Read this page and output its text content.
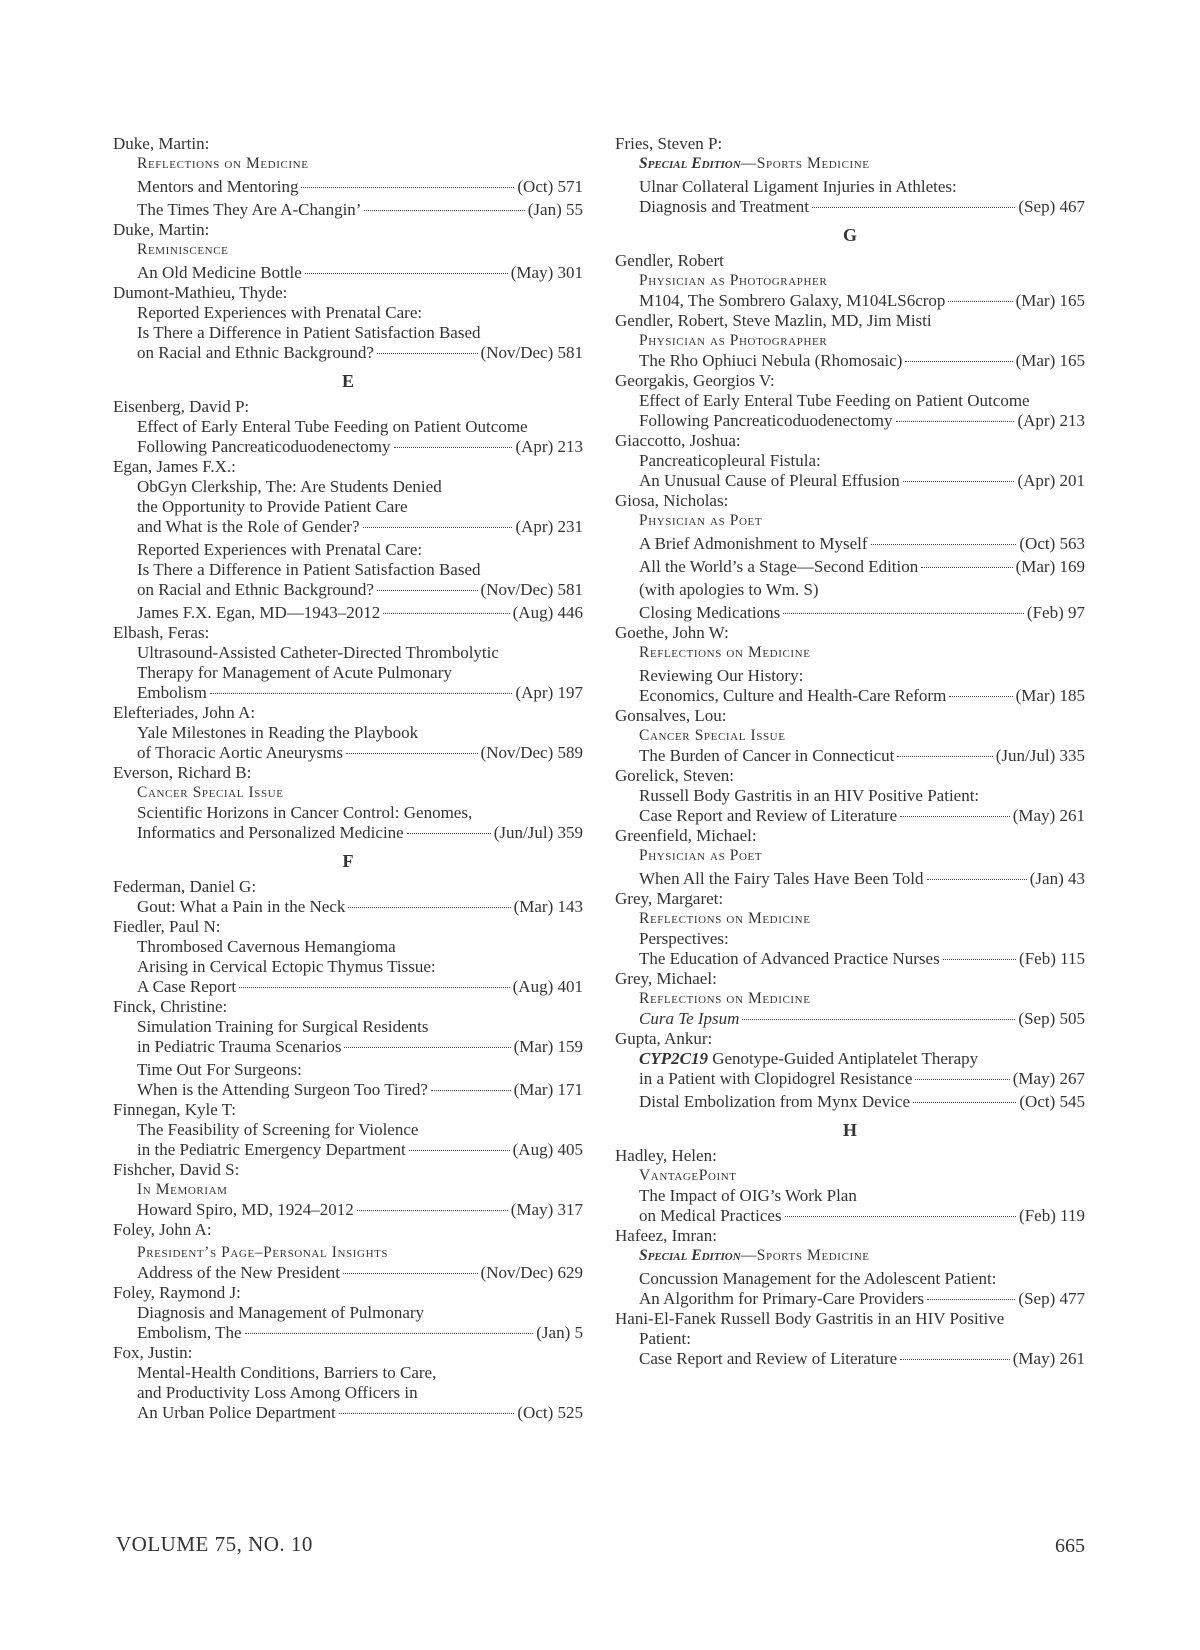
Duke, Martin:
Reflections on Medicine
Mentors and Mentoring	(Oct) 571
The Times They Are A-Changin’	(Jan) 55
Duke, Martin:
Reminiscence
An Old Medicine Bottle	(May) 301
Dumont-Mathieu, Thyde:
Reported Experiences with Prenatal Care:
Is There a Difference in Patient Satisfaction Based
on Racial and Ethnic Background?	(Nov/Dec) 581
E
Eisenberg, David P:
Effect of Early Enteral Tube Feeding on Patient Outcome
Following Pancreaticoduodenectomy	(Apr) 213
Egan, James F.X.:
ObGyn Clerkship, The: Are Students Denied
the Opportunity to Provide Patient Care
and What is the Role of Gender?	(Apr) 231
Reported Experiences with Prenatal Care:
Is There a Difference in Patient Satisfaction Based
on Racial and Ethnic Background?	(Nov/Dec) 581
James F.X. Egan, MD—1943–2012	(Aug) 446
Elbash, Feras:
Ultrasound-Assisted Catheter-Directed Thrombolytic
Therapy for Management of Acute Pulmonary
Embolism	(Apr) 197
Elefteriades, John A:
Yale Milestones in Reading the Playbook
of Thoracic Aortic Aneurysms	(Nov/Dec) 589
Everson, Richard B:
Cancer Special Issue
Scientific Horizons in Cancer Control: Genomes,
Informatics and Personalized Medicine	(Jun/Jul) 359
F
Federman, Daniel G:
Gout: What a Pain in the Neck	(Mar) 143
Fiedler, Paul N:
Thrombosed Cavernous Hemangioma
Arising in Cervical Ectopic Thymus Tissue:
A Case Report	(Aug) 401
Finck, Christine:
Simulation Training for Surgical Residents
in Pediatric Trauma Scenarios	(Mar) 159
Time Out For Surgeons:
When is the Attending Surgeon Too Tired?	(Mar) 171
Finnegan, Kyle T:
The Feasibility of Screening for Violence
in the Pediatric Emergency Department	(Aug) 405
Fishcher, David S:
In Memoriam
Howard Spiro, MD, 1924–2012	(May) 317
Foley, John A:
President’s Page–Personal Insights
Address of the New President	(Nov/Dec) 629
Foley, Raymond J:
Diagnosis and Management of Pulmonary
Embolism, The	(Jan) 5
Fox, Justin:
Mental-Health Conditions, Barriers to Care,
and Productivity Loss Among Officers in
An Urban Police Department	(Oct) 525
Fries, Steven P:
Special Edition—Sports Medicine
Ulnar Collateral Ligament Injuries in Athletes:
Diagnosis and Treatment	(Sep) 467
G
Gendler, Robert
Physician as Photographer
M104, The Sombrero Galaxy, M104LS6crop	(Mar) 165
Gendler, Robert, Steve Mazlin, MD, Jim Misti
Physician as Photographer
The Rho Ophiuci Nebula (Rhomosaic)	(Mar) 165
Georgakis, Georgios V:
Effect of Early Enteral Tube Feeding on Patient Outcome
Following Pancreaticoduodenectomy	(Apr) 213
Giaccotto, Joshua:
Pancreaticopleural Fistula:
An Unusual Cause of Pleural Effusion	(Apr) 201
Giosa, Nicholas:
Physician as Poet
A Brief Admonishment to Myself	(Oct) 563
All the World’s a Stage—Second Edition	(Mar) 169
(with apologies to Wm. S)
Closing Medications	(Feb) 97
Goethe, John W:
Reflections on Medicine
Reviewing Our History:
Economics, Culture and Health-Care Reform	(Mar) 185
Gonsalves, Lou:
Cancer Special Issue
The Burden of Cancer in Connecticut	(Jun/Jul) 335
Gorelick, Steven:
Russell Body Gastritis in an HIV Positive Patient:
Case Report and Review of Literature	(May) 261
Greenfield, Michael:
Physician as Poet
When All the Fairy Tales Have Been Told	(Jan) 43
Grey, Margaret:
Reflections on Medicine
Perspectives:
The Education of Advanced Practice Nurses	(Feb) 115
Grey, Michael:
Reflections on Medicine
Cura Te Ipsum	(Sep) 505
Gupta, Ankur:
CYP2C19 Genotype-Guided Antiplatelet Therapy
in a Patient with Clopidogrel Resistance	(May) 267
Distal Embolization from Mynx Device	(Oct) 545
H
Hadley, Helen:
VantagePoint
The Impact of OIG’s Work Plan
on Medical Practices	(Feb) 119
Hafeez, Imran:
Special Edition—Sports Medicine
Concussion Management for the Adolescent Patient:
An Algorithm for Primary-Care Providers	(Sep) 477
Hani-El-Fanek Russell Body Gastritis in an HIV Positive
Patient:
Case Report and Review of Literature	(May) 261
VOLUME 75, NO. 10	665
